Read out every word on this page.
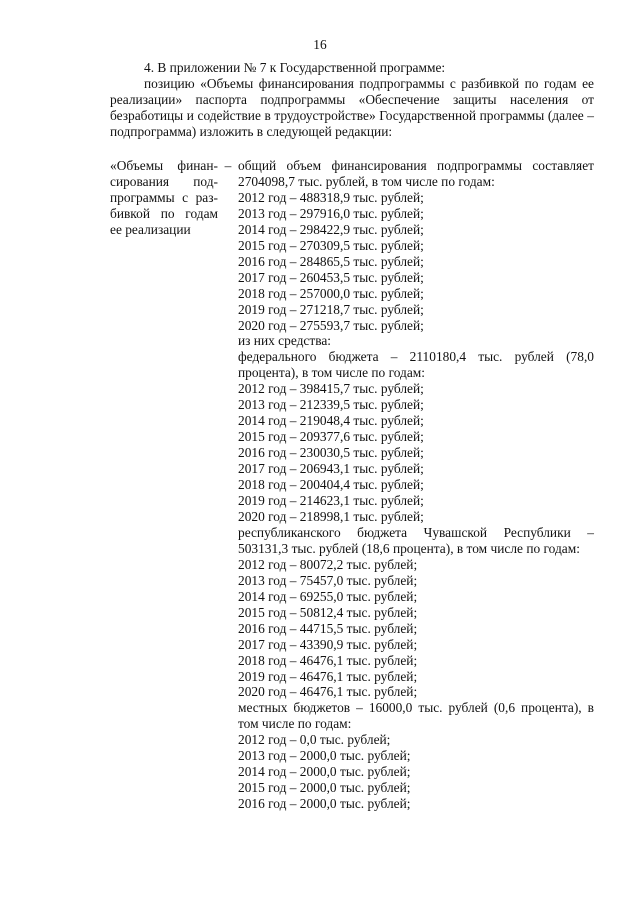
16

4. В приложении № 7 к Государственной программе:

позицию «Объемы финансирования подпрограммы с разбивкой по годам ее реализации» паспорта подпрограммы «Обеспечение защиты населения от безработицы и содействие в трудоустройстве» Государственной программы (далее – подпрограмма) изложить в следующей редакции:

«Объемы финан-
сирования под-
программы с раз-
бивкой по годам
ее реализации
– общий объем финансирования подпрограммы составляет 2704098,7 тыс. рублей, в том числе по годам:
2012 год – 488318,9 тыс. рублей;
2013 год – 297916,0 тыс. рублей;
2014 год – 298422,9 тыс. рублей;
2015 год – 270309,5 тыс. рублей;
2016 год – 284865,5 тыс. рублей;
2017 год – 260453,5 тыс. рублей;
2018 год – 257000,0 тыс. рублей;
2019 год – 271218,7 тыс. рублей;
2020 год – 275593,7 тыс. рублей;
из них средства:
федерального бюджета – 2110180,4 тыс. рублей (78,0 процента), в том числе по годам:
2012 год – 398415,7 тыс. рублей;
2013 год – 212339,5 тыс. рублей;
2014 год – 219048,4 тыс. рублей;
2015 год – 209377,6 тыс. рублей;
2016 год – 230030,5 тыс. рублей;
2017 год – 206943,1 тыс. рублей;
2018 год – 200404,4 тыс. рублей;
2019 год – 214623,1 тыс. рублей;
2020 год – 218998,1 тыс. рублей;
республиканского бюджета Чувашской Республики – 503131,3 тыс. рублей (18,6 процента), в том числе по годам:
2012 год – 80072,2 тыс. рублей;
2013 год – 75457,0 тыс. рублей;
2014 год – 69255,0 тыс. рублей;
2015 год – 50812,4 тыс. рублей;
2016 год – 44715,5 тыс. рублей;
2017 год – 43390,9 тыс. рублей;
2018 год – 46476,1 тыс. рублей;
2019 год – 46476,1 тыс. рублей;
2020 год – 46476,1 тыс. рублей;
местных бюджетов – 16000,0 тыс. рублей (0,6 процента), в том числе по годам:
2012 год – 0,0 тыс. рублей;
2013 год – 2000,0 тыс. рублей;
2014 год – 2000,0 тыс. рублей;
2015 год – 2000,0 тыс. рублей;
2016 год – 2000,0 тыс. рублей;
